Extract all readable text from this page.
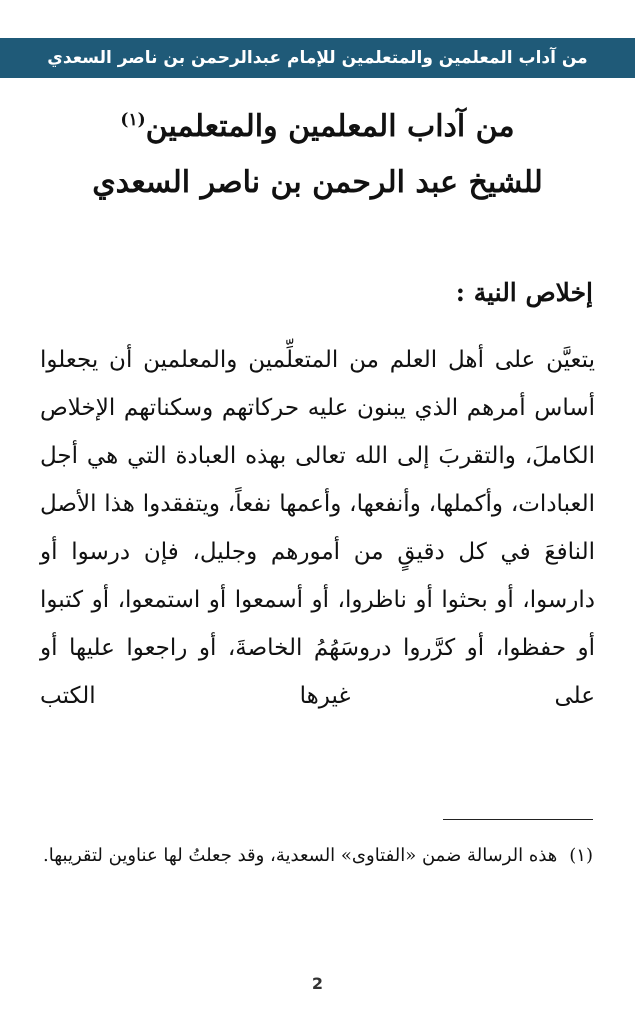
من آداب المعلمين والمتعلمين للإمام عبدالرحمن بن ناصر السعدي
من آداب المعلمين والمتعلمين$^{(١)}$
للشيخ عبد الرحمن بن ناصر السعدي
إخلاص النية :

يتعيَّن على أهل العلم من المتعلِّمين والمعلمين أن يجعلوا أساس أمرهم الذي يبنون عليه حركاتهم وسكناتهم الإخلاص الكاملَ، والتقربَ إلى الله تعالى بهذه العبادة التي هي أجل العبادات، وأكملها، وأنفعها، وأعمها نفعاً، ويتفقدوا هذا الأصل النافعَ في كل دقيقٍ من أمورهم وجليل، فإن درسوا أو دارسوا، أو بحثوا أو ناظروا، أو أسمعوا أو استمعوا، أو كتبوا أو حفظوا، أو كرَّروا دروسَهُمُ الخاصةَ، أو راجعوا عليها أو على غيرها الكتب

(١)هذه الرسالة ضمن «الفتاوى» السعدية، وقد جعلتُ لها عناوين لتقريبها.
2
